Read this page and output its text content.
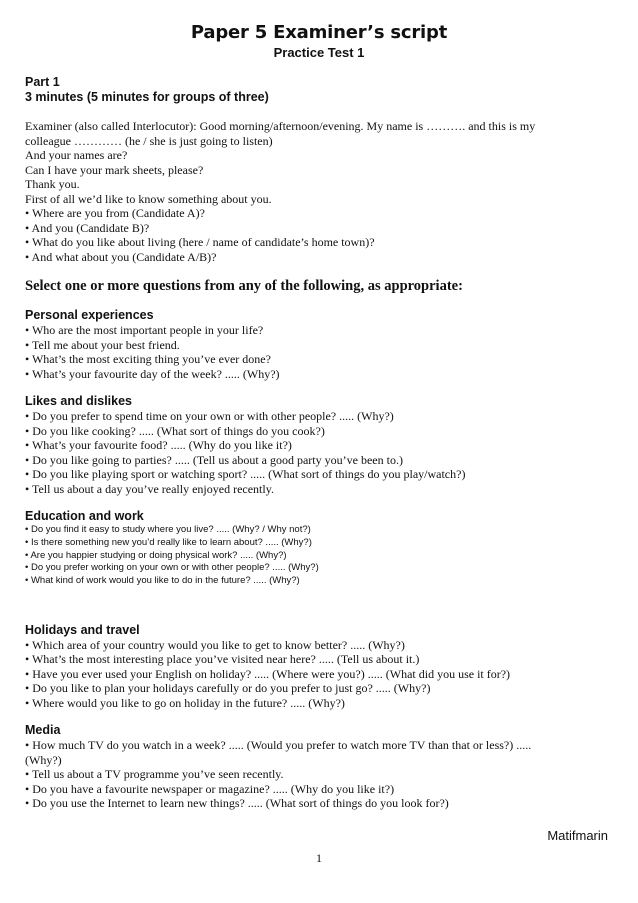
Paper 5 Examiner’s script
Practice Test 1

Part 1

3 minutes (5 minutes for groups of three)

Examiner (also called Interlocutor): Good morning/afternoon/evening. My name is ………. and this is my

colleague ………… (he / she is just going to listen)

And your names are?

Can I have your mark sheets, please?

Thank you.

First of all we’d like to know something about you.

• Where are you from (Candidate A)?
• And you (Candidate B)?
• What do you like about living (here / name of candidate’s home town)?
• And what about you (Candidate A/B)?

Select one or more questions from any of the following, as appropriate:

Personal experiences

• Who are the most important people in your life?
• Tell me about your best friend.
• What’s the most exciting thing you’ve ever done?
• What’s your favourite day of the week? ..... (Why?)

Likes and dislikes

• Do you prefer to spend time on your own or with other people? ..... (Why?)
• Do you like cooking? ..... (What sort of things do you cook?)
• What’s your favourite food? ..... (Why do you like it?)
• Do you like going to parties? ..... (Tell us about a good party you’ve been to.)
• Do you like playing sport or watching sport? ..... (What sort of things do you play/watch?)
• Tell us about a day you’ve really enjoyed recently.

Education and work

• Do you find it easy to study where you live? ..... (Why? / Why not?)
• Is there something new you’d really like to learn about? ..... (Why?)
• Are you happier studying or doing physical work? ..... (Why?)
• Do you prefer working on your own or with other people? ..... (Why?)
• What kind of work would you like to do in the future? ..... (Why?)

Holidays and travel

• Which area of your country would you like to get to know better? ..... (Why?)
• What’s the most interesting place you’ve visited near here? ..... (Tell us about it.)
• Have you ever used your English on holiday? ..... (Where were you?) ..... (What did you use it for?)
• Do you like to plan your holidays carefully or do you prefer to just go? ..... (Why?)
• Where would you like to go on holiday in the future? ..... (Why?)

Media

• How much TV do you watch in a week? ..... (Would you prefer to watch more TV than that or less?) .....
(Why?)
• Tell us about a TV programme you’ve seen recently.
• Do you have a favourite newspaper or magazine? ..... (Why do you like it?)
• Do you use the Internet to learn new things? ..... (What sort of things do you look for?)
Matifmarin
1
